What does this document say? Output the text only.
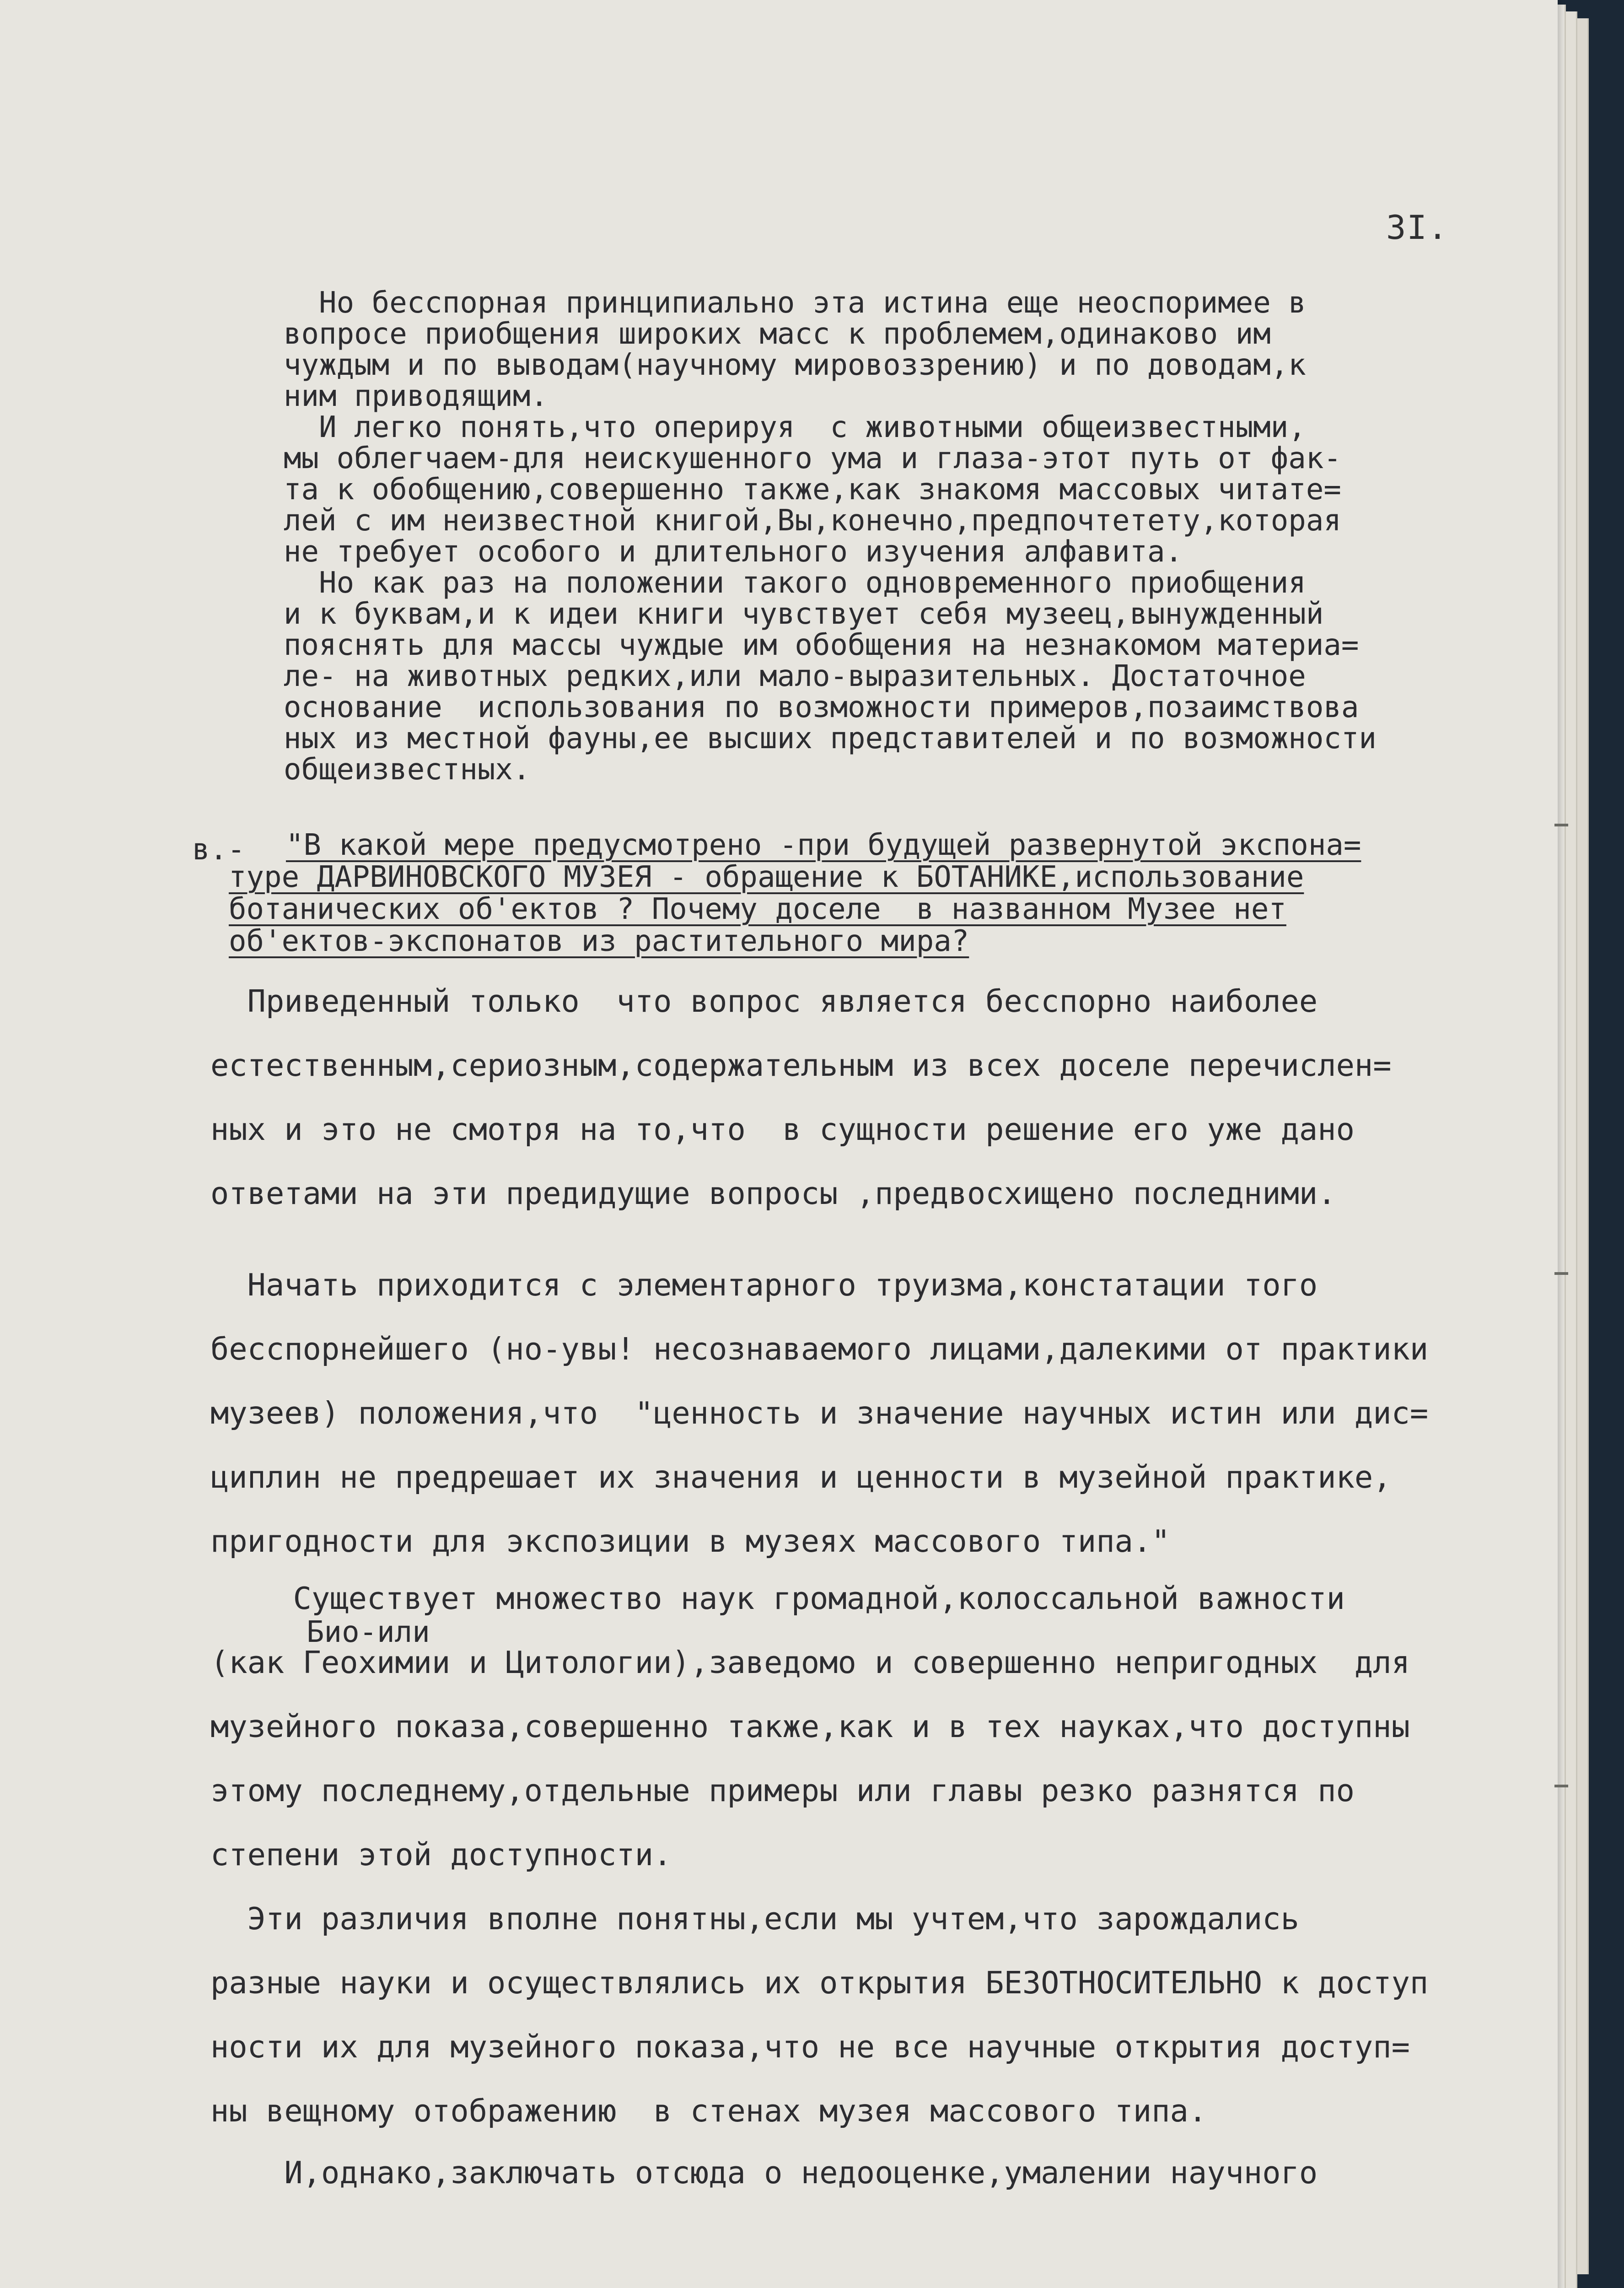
3I.
Но бесспорная принципиально эта истина еще неоспоримее в
вопросе приобщения широких масс к проблемем,одинаково им
чуждым и по выводам(научному мировоззрению) и по доводам,к
ним приводящим.
И легко понять,что оперируя  с животными общеизвестными,
мы облегчаем-для неискушенного ума и глаза-этот путь от фак-
та к обобщению,совершенно также,как знакомя массовых читате=
лей с им неизвестной книгой,Вы,конечно,предпочтетету,которая
не требует особого и длительного изучения алфавита.
Но как раз на положении такого одновременного приобщения
и к буквам,и к идеи книги чувствует себя музеец,вынужденный
пояснять для массы чуждые им обобщения на незнакомом материа=
ле- на животных редких,или мало-выразительных. Достаточное
основание  использования по возможности примеров,позаимствова
ных из местной фауны,ее высших представителей и по возможности
общеизвестных.
в.- "В какой мере предусмотрено -при будущей развернутой экспона=
туре ДАРВИНОВСКОГО МУЗЕЯ - обращение к БОТАНИКЕ,использование
ботанических об'ектов ? Почему доселе  в названном Музее нет
об'ектов-экспонатов из растительного мира?
Приведенный только  что вопрос является бесспорно наиболее
естественным,сериозным,содержательным из всех доселе перечислен=
ных и это не смотря на то,что  в сущности решение его уже дано
ответами на эти предидущие вопросы ,предвосхищено последними.
Начать приходится с элементарного труизма,констатации того
бесспорнейшего (но-увы! несознаваемого лицами,далекими от практики
музеев) положения,что  "ценность и значение научных истин или дис=
циплин не предрешает их значения и ценности в музейной практике,
пригодности для экспозиции в музеях массового типа."
Существует множество наук громадной,колоссальной важности
Био-или
(как Геохимии и Цитологии),заведомо и совершенно непригодных  для
музейного показа,совершенно также,как и в тех науках,что доступны
этому последнему,отдельные примеры или главы резко разнятся по
степени этой доступности.
Эти различия вполне понятны,если мы учтем,что зарождались
разные науки и осуществлялись их открытия БЕЗОТНОСИТЕЛЬНО к доступ
ности их для музейного показа,что не все научные открытия доступ=
ны вещному отображению  в стенах музея массового типа.
И,однако,заключать отсюда о недооценке,умалении научного
